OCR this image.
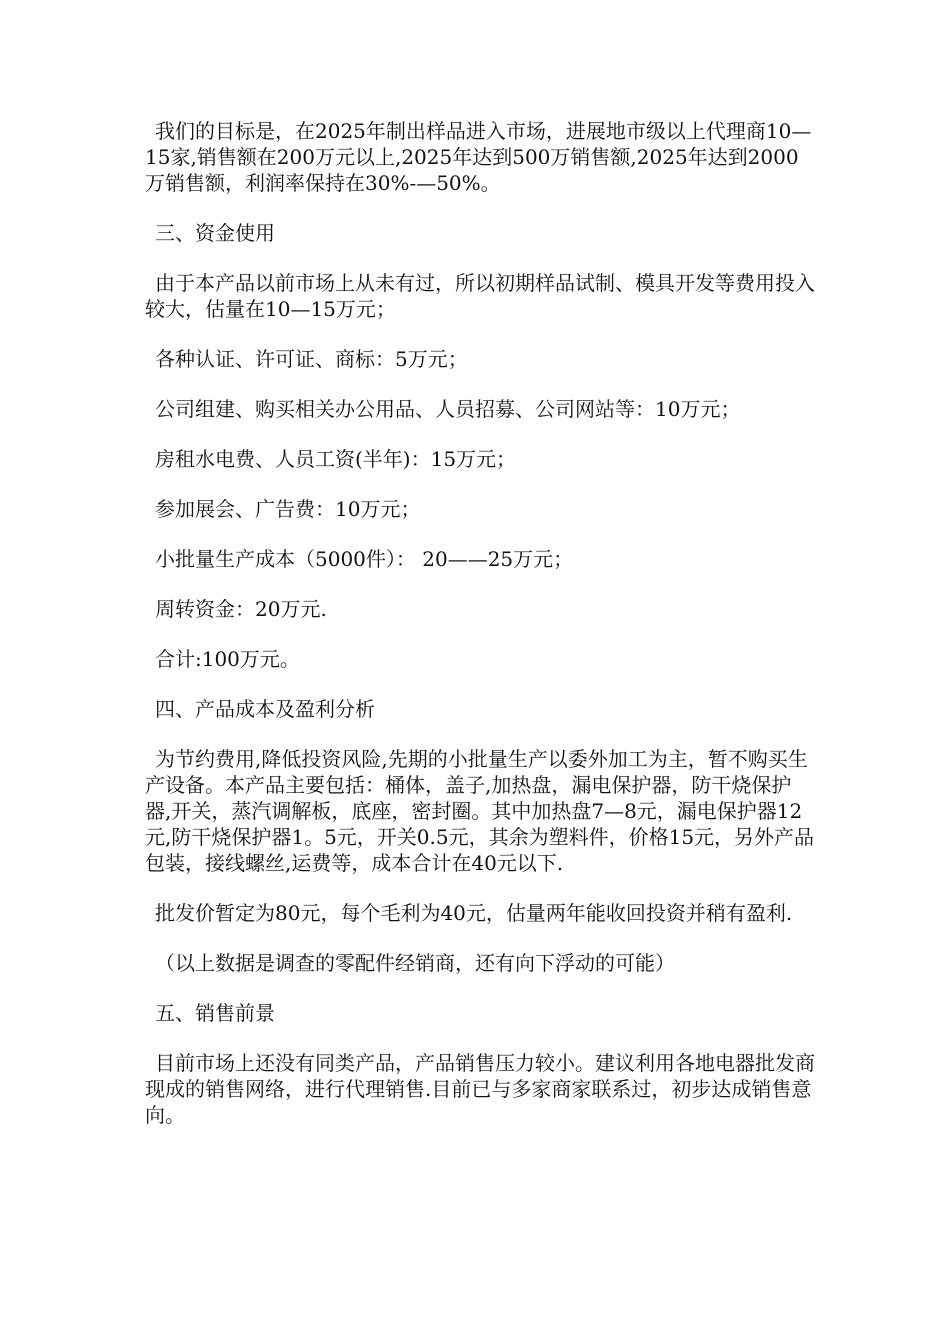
我们的目标是，在2025年制出样品进入市场，进展地市级以上代理商10—15家,销售额在200万元以上,2025年达到500万销售额,2025年达到2000万销售额，利润率保持在30%-—50%。

三、资金使用

由于本产品以前市场上从未有过，所以初期样品试制、模具开发等费用投入较大，估量在10—15万元；

各种认证、许可证、商标：5万元；

公司组建、购买相关办公用品、人员招募、公司网站等：10万元；

房租水电费、人员工资(半年)：15万元；

参加展会、广告费：10万元；

小批量生产成本（5000件）： 20——25万元；

周转资金：20万元.

合计:100万元。

四、产品成本及盈利分析

为节约费用,降低投资风险,先期的小批量生产以委外加工为主，暂不购买生产设备。本产品主要包括：桶体，盖子,加热盘，漏电保护器，防干烧保护器,开关，蒸汽调解板，底座，密封圈。其中加热盘7—8元，漏电保护器12元,防干烧保护器1。5元，开关0.5元，其余为塑料件，价格15元，另外产品包装，接线螺丝,运费等，成本合计在40元以下.

批发价暂定为80元，每个毛利为40元，估量两年能收回投资并稍有盈利.

（以上数据是调查的零配件经销商，还有向下浮动的可能）

五、销售前景

目前市场上还没有同类产品，产品销售压力较小。建议利用各地电器批发商现成的销售网络，进行代理销售.目前已与多家商家联系过，初步达成销售意向。
